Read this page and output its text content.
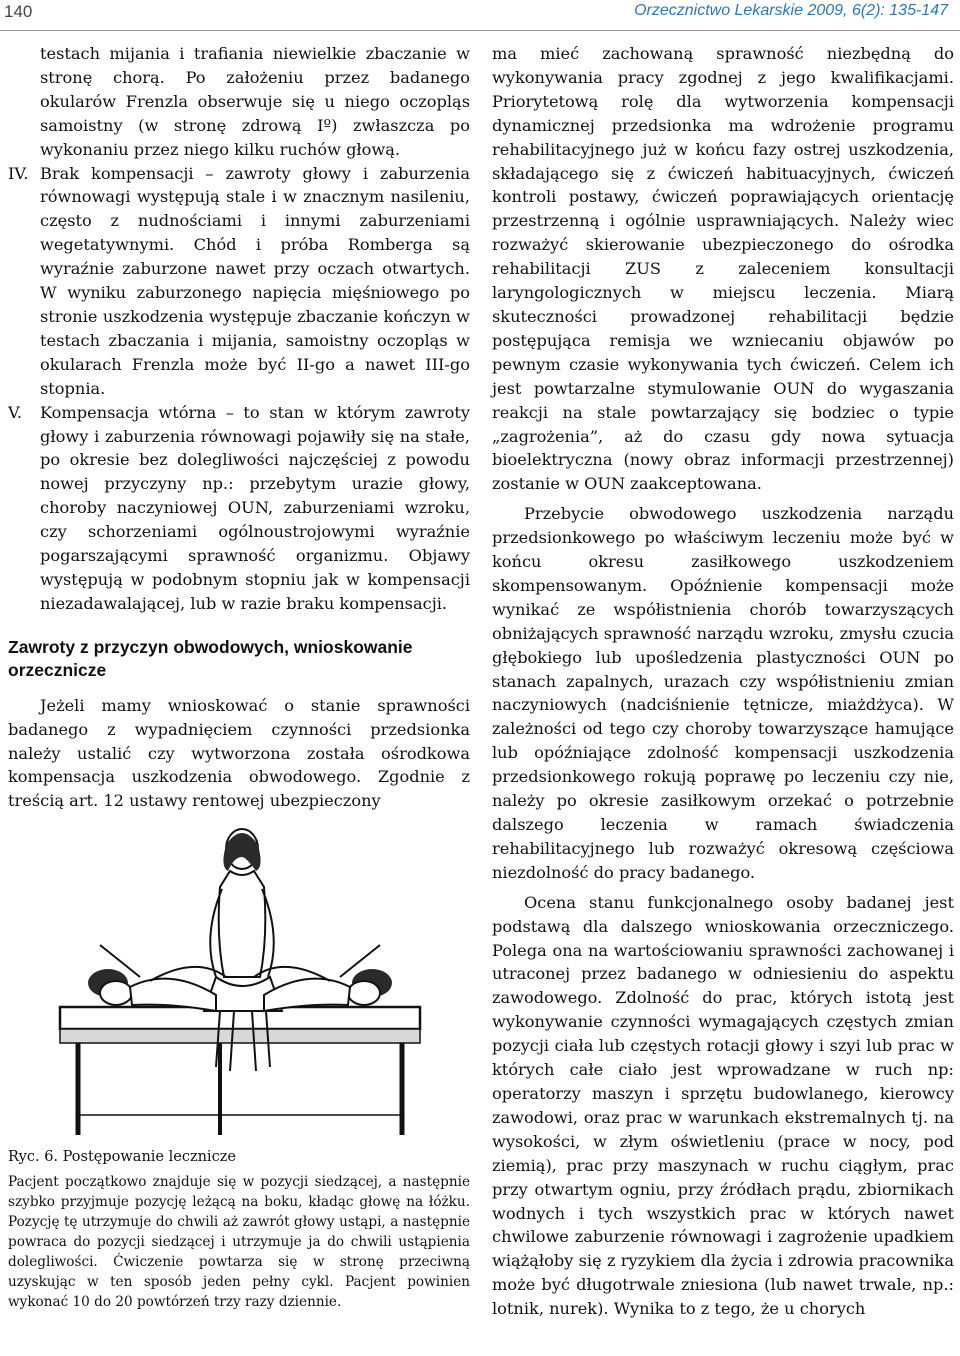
140	Orzecznictwo Lekarskie 2009, 6(2): 135-147

testach mijania i trafiania niewielkie zbaczanie w stronę chorą. Po założeniu przez badanego okularów Frenzla obserwuje się u niego oczopląs samoistny (w stronę zdrową Iº) zwłaszcza po wykonaniu przez niego kilku ruchów głową.

IV. Brak kompensacji – zawroty głowy i zaburzenia równowagi występują stale i w znacznym nasileniu, często z nudnościami i innymi zaburzeniami wegetatywnymi. Chód i próba Romberga są wyraźnie zaburzone nawet przy oczach otwartych. W wyniku zaburzonego napięcia mięśniowego po stronie uszkodzenia występuje zbaczanie kończyn w testach zbaczania i mijania, samoistny oczopląs w okularach Frenzla może być II-go a nawet III-go stopnia.

V. Kompensacja wtórna – to stan w którym zawroty głowy i zaburzenia równowagi pojawiły się na stałe, po okresie bez dolegliwości najczęściej z powodu nowej przyczyny np.: przebytym urazie głowy, choroby naczyniowej OUN, zaburzeniami wzroku, czy schorzeniami ogólnoustrojowymi wyraźnie pogarszającymi sprawność organizmu. Objawy występują w podobnym stopniu jak w kompensacji niezadawalającej, lub w razie braku kompensacji.

Zawroty z przyczyn obwodowych, wnioskowanie orzecznicze

Jeżeli mamy wnioskować o stanie sprawności badanego z wypadnięciem czynności przedsionka należy ustalić czy wytworzona została ośrodkowa kompensacja uszkodzenia obwodowego. Zgodnie z treścią art. 12 ustawy rentowej ubezpieczony

Ryc. 6. Postępowanie lecznicze

Pacjent początkowo znajduje się w pozycji siedzącej, a następnie szybko przyjmuje pozycję leżącą na boku, kładąc głowę na łóżku. Pozycję tę utrzymuje do chwili aż zawrót głowy ustąpi, a następnie powraca do pozycji siedzącej i utrzymuje ja do chwili ustąpienia dolegliwości. Ćwiczenie powtarza się w stronę przeciwną uzyskując w ten sposób jeden pełny cykl. Pacjent powinien wykonać 10 do 20 powtórzeń trzy razy dziennie.

ma mieć zachowaną sprawność niezbędną do wykonywania pracy zgodnej z jego kwalifikacjami. Priorytetową rolę dla wytworzenia kompensacji dynamicznej przedsionka ma wdrożenie programu rehabilitacyjnego już w końcu fazy ostrej uszkodzenia, składającego się z ćwiczeń habituacyjnych, ćwiczeń kontroli postawy, ćwiczeń poprawiających orientację przestrzenną i ogólnie usprawniających. Należy wiec rozważyć skierowanie ubezpieczonego do ośrodka rehabilitacji ZUS z zaleceniem konsultacji laryngologicznych w miejscu leczenia. Miarą skuteczności prowadzonej rehabilitacji będzie postępująca remisja we wzniecaniu objawów po pewnym czasie wykonywania tych ćwiczeń. Celem ich jest powtarzalne stymulowanie OUN do wygaszania reakcji na stale powtarzający się bodziec o typie „zagrożenia”, aż do czasu gdy nowa sytuacja bioelektryczna (nowy obraz informacji przestrzennej) zostanie w OUN zaakceptowana.

Przebycie obwodowego uszkodzenia narządu przedsionkowego po właściwym leczeniu może być w końcu okresu zasiłkowego uszkodzeniem skompensowanym. Opóźnienie kompensacji może wynikać ze współistnienia chorób towarzyszących obniżających sprawność narządu wzroku, zmysłu czucia głębokiego lub upośledzenia plastyczności OUN po stanach zapalnych, urazach czy współistnieniu zmian naczyniowych (nadciśnienie tętnicze, miażdżyca). W zależności od tego czy choroby towarzyszące hamujące lub opóźniające zdolność kompensacji uszkodzenia przedsionkowego rokują poprawę po leczeniu czy nie, należy po okresie zasiłkowym orzekać o potrzebnie dalszego leczenia w ramach świadczenia rehabilitacyjnego lub rozważyć okresową częściowa niezdolność do pracy badanego.

Ocena stanu funkcjonalnego osoby badanej jest podstawą dla dalszego wnioskowania orzeczniczego. Polega ona na wartościowaniu sprawności zachowanej i utraconej przez badanego w odniesieniu do aspektu zawodowego. Zdolność do prac, których istotą jest wykonywanie czynności wymagających częstych zmian pozycji ciała lub częstych rotacji głowy i szyi lub prac w których całe ciało jest wprowadzane w ruch np: operatorzy maszyn i sprzętu budowlanego, kierowcy zawodowi, oraz prac w warunkach ekstremalnych tj. na wysokości, w złym oświetleniu (prace w nocy, pod ziemią), prac przy maszynach w ruchu ciągłym, prac przy otwartym ogniu, przy źródłach prądu, zbiornikach wodnych i tych wszystkich prac w których nawet chwilowe zaburzenie równowagi i zagrożenie upadkiem wiążąłoby się z ryzykiem dla życia i zdrowia pracownika może być długotrwale zniesiona (lub nawet trwale, np.: lotnik, nurek). Wynika to z tego, że u chorych
